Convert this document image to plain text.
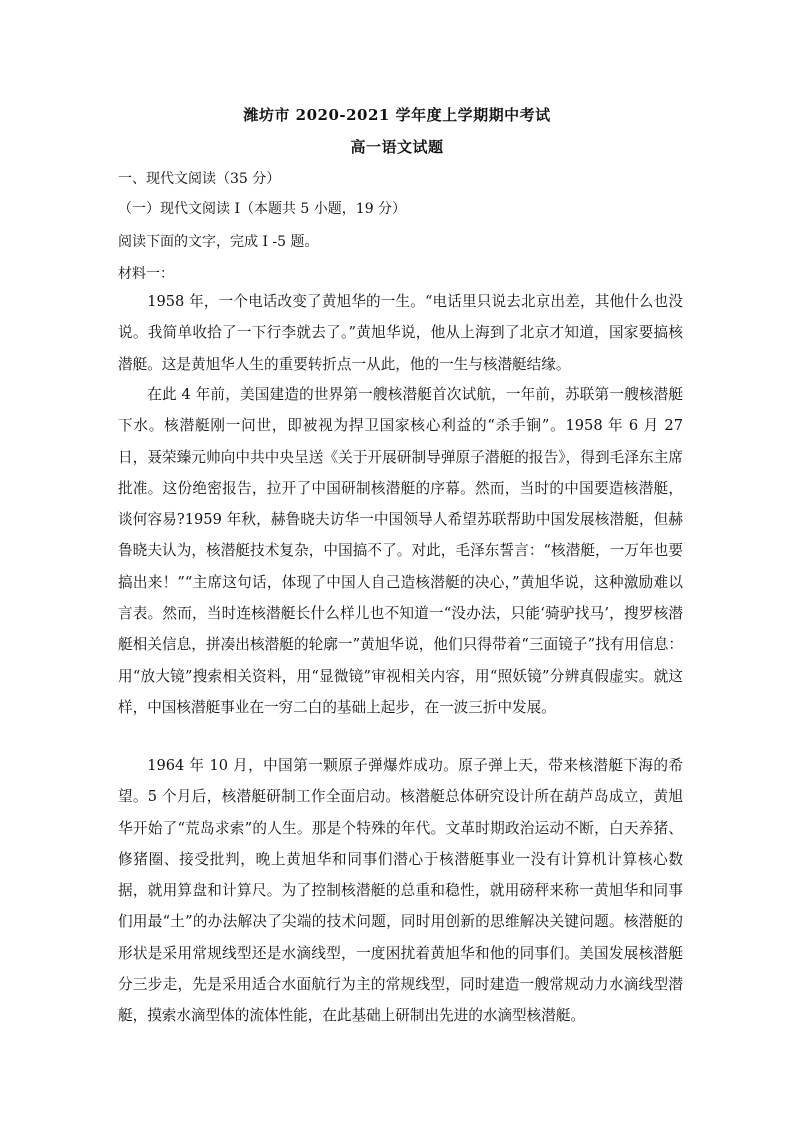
潍坊市 2020-2021 学年度上学期期中考试
高一语文试题
一、现代文阅读（35 分）
（一）现代文阅读 I（本题共 5 小题，19 分）
阅读下面的文字，完成 I -5 题。
材料一：

1958 年，一个电话改变了黄旭华的一生。“电话里只说去北京出差，其他什么也没说。我简单收拾了一下行李就去了。”黄旭华说，他从上海到了北京才知道，国家要搞核潜艇。这是黄旭华人生的重要转折点一从此，他的一生与核潜艇结缘。

在此 4 年前，美国建造的世界第一艘核潜艇首次试航，一年前，苏联第一艘核潜艇下水。核潜艇刚一问世，即被视为捍卫国家核心利益的“杀手锏”。1958 年 6 月 27 日，聂荣臻元帅向中共中央呈送《关于开展研制导弹原子潜艇的报告》，得到毛泽东主席批准。这份绝密报告，拉开了中国研制核潜艇的序幕。然而，当时的中国要造核潜艇，谈何容易?1959 年秋，赫鲁晓夫访华一中国领导人希望苏联帮助中国发展核潜艇，但赫鲁晓夫认为，核潜艇技术复杂，中国搞不了。对此，毛泽东誓言：“核潜艇，一万年也要搞出来！”“主席这句话，体现了中国人自己造核潜艇的决心，”黄旭华说，这种激励难以言表。然而，当时连核潜艇长什么样儿也不知道一“没办法，只能‘骑驴找马’，搜罗核潜艇相关信息，拼凑出核潜艇的轮廓一”黄旭华说，他们只得带着“三面镜子”找有用信息：用“放大镜”搜索相关资料，用“显微镜”审视相关内容，用“照妖镜”分辨真假虚实。就这样，中国核潜艇事业在一穷二白的基础上起步，在一波三折中发展。

1964 年 10 月，中国第一颗原子弹爆炸成功。原子弹上天，带来核潜艇下海的希望。5 个月后，核潜艇研制工作全面启动。核潜艇总体研究设计所在葫芦岛成立，黄旭华开始了“荒岛求索”的人生。那是个特殊的年代。文革时期政治运动不断，白天养猪、修猪圈、接受批判，晚上黄旭华和同事们潜心于核潜艇事业一没有计算机计算核心数据，就用算盘和计算尺。为了控制核潜艇的总重和稳性，就用磅秤来称一黄旭华和同事们用最“土”的办法解决了尖端的技术问题，同时用创新的思维解决关键问题。核潜艇的形状是采用常规线型还是水滴线型，一度困扰着黄旭华和他的同事们。美国发展核潜艇分三步走，先是采用适合水面航行为主的常规线型，同时建造一艘常规动力水滴线型潜艇，摸索水滴型体的流体性能，在此基础上研制出先进的水滴型核潜艇。
